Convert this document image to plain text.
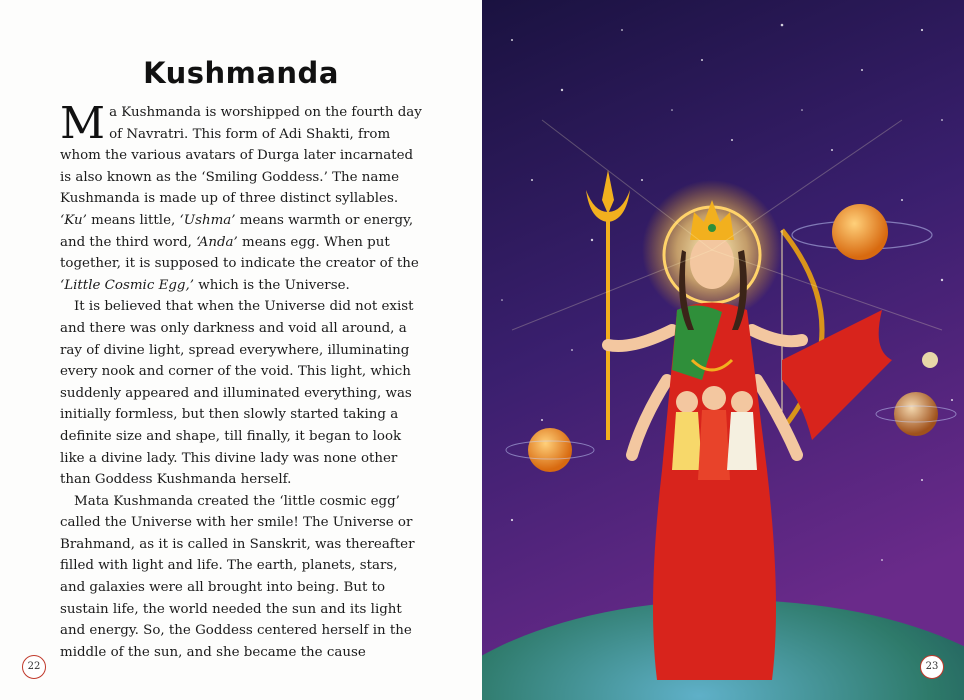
Kushmanda

Ma Kushmanda is worshipped on the fourth day of Navratri. This form of Adi Shakti, from whom the various avatars of Durga later incarnated is also known as the ‘Smiling Goddess.’ The name Kushmanda is made up of three distinct syllables. ‘Ku’ means little, ‘Ushma’ means warmth or energy, and the third word, ‘Anda’ means egg. When put together, it is supposed to indicate the creator of the ‘Little Cosmic Egg,’ which is the Universe.

It is believed that when the Universe did not exist and there was only darkness and void all around, a ray of divine light, spread everywhere, illuminating every nook and corner of the void. This light, which suddenly appeared and illuminated everything, was initially formless, but then slowly started taking a definite size and shape, till finally, it began to look like a divine lady. This divine lady was none other than Goddess Kushmanda herself.

Mata Kushmanda created the ‘little cosmic egg’ called the Universe with her smile! The Universe or Brahmand, as it is called in Sanskrit, was thereafter filled with light and life. The earth, planets, stars, and galaxies were all brought into being. But to sustain life, the world needed the sun and its light and energy. So, the Goddess centered herself in the middle of the sun, and she became the cause

22	23
